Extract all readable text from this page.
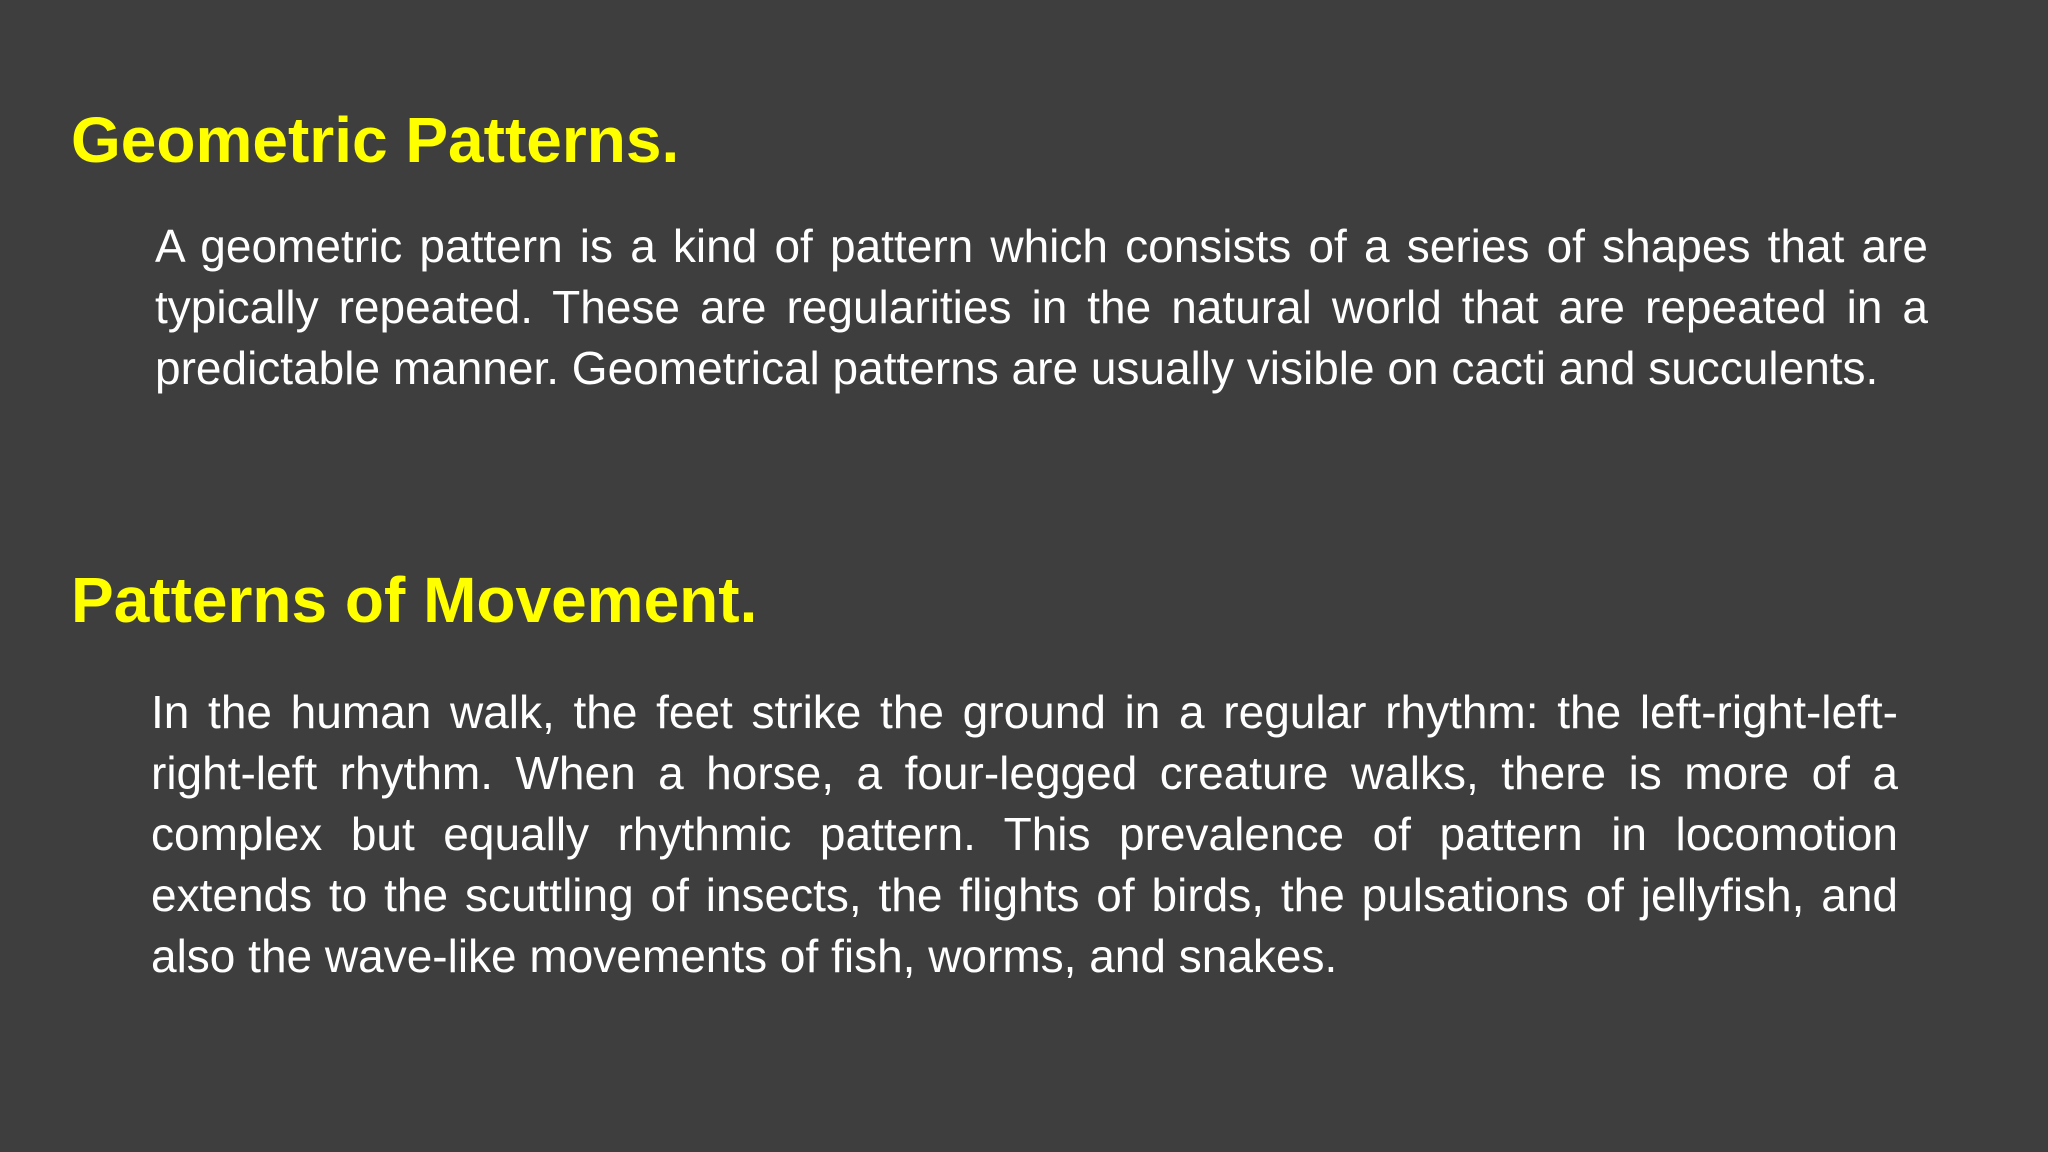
Geometric Patterns.

A geometric pattern is a kind of pattern which consists of a series of shapes that are typically repeated. These are regularities in the natural world that are repeated in a predictable manner. Geometrical patterns are usually visible on cacti and succulents.

Patterns of Movement.

In the human walk, the feet strike the ground in a regular rhythm: the left-right-left-right-left rhythm. When a horse, a four-legged creature walks, there is more of a complex but equally rhythmic pattern. This prevalence of pattern in locomotion extends to the scuttling of insects, the flights of birds, the pulsations of jellyfish, and also the wave-like movements of fish, worms, and snakes.
